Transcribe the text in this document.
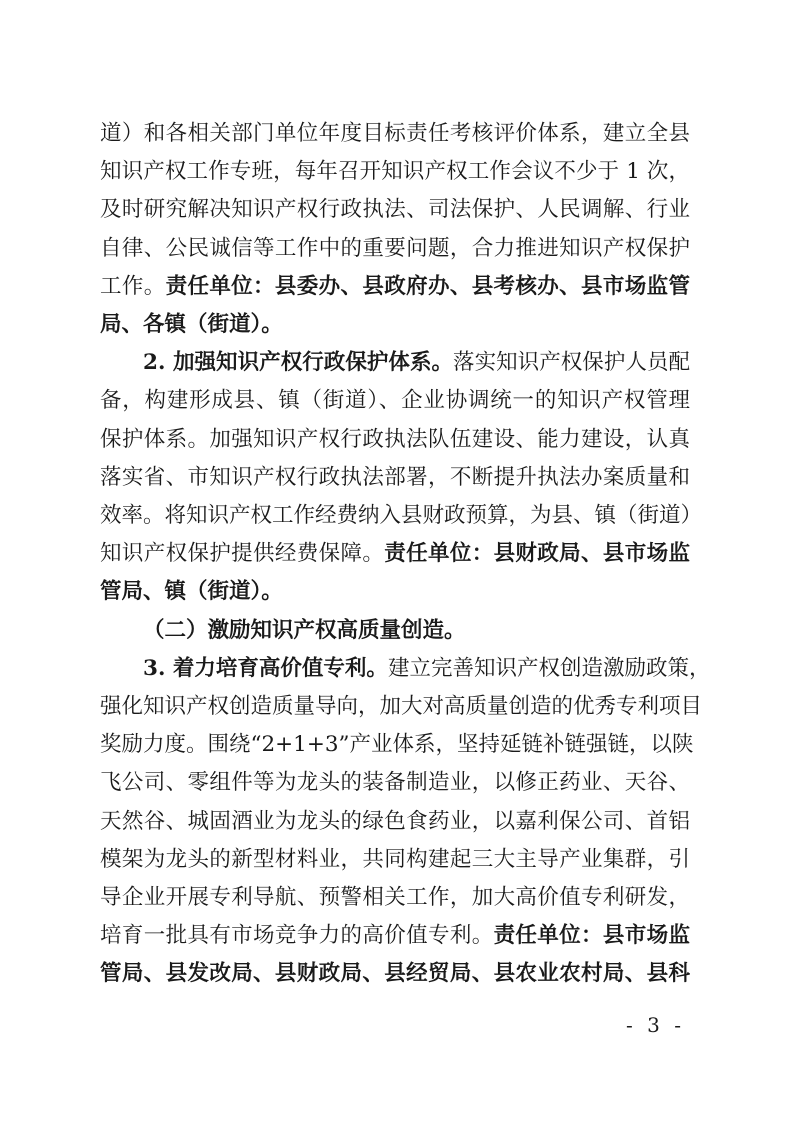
道）和各相关部门单位年度目标责任考核评价体系，建立全县
知识产权工作专班，每年召开知识产权工作会议不少于 1 次，
及时研究解决知识产权行政执法、司法保护、人民调解、行业
自律、公民诚信等工作中的重要问题，合力推进知识产权保护
工作。责任单位：县委办、县政府办、县考核办、县市场监管
局、各镇（街道）。
2. 加强知识产权行政保护体系。落实知识产权保护人员配
备，构建形成县、镇（街道）、企业协调统一的知识产权管理
保护体系。加强知识产权行政执法队伍建设、能力建设，认真
落实省、市知识产权行政执法部署，不断提升执法办案质量和
效率。将知识产权工作经费纳入县财政预算，为县、镇（街道）
知识产权保护提供经费保障。责任单位：县财政局、县市场监
管局、镇（街道）。
（二）激励知识产权高质量创造。
3. 着力培育高价值专利。建立完善知识产权创造激励政策，
强化知识产权创造质量导向，加大对高质量创造的优秀专利项目
奖励力度。围绕“2+1+3”产业体系，坚持延链补链强链，以陕
飞公司、零组件等为龙头的装备制造业，以修正药业、天谷、
天然谷、城固酒业为龙头的绿色食药业，以嘉利保公司、首铝
模架为龙头的新型材料业，共同构建起三大主导产业集群，引
导企业开展专利导航、预警相关工作，加大高价值专利研发，
培育一批具有市场竞争力的高价值专利。责任单位：县市场监
管局、县发改局、县财政局、县经贸局、县农业农村局、县科
- 3 -
